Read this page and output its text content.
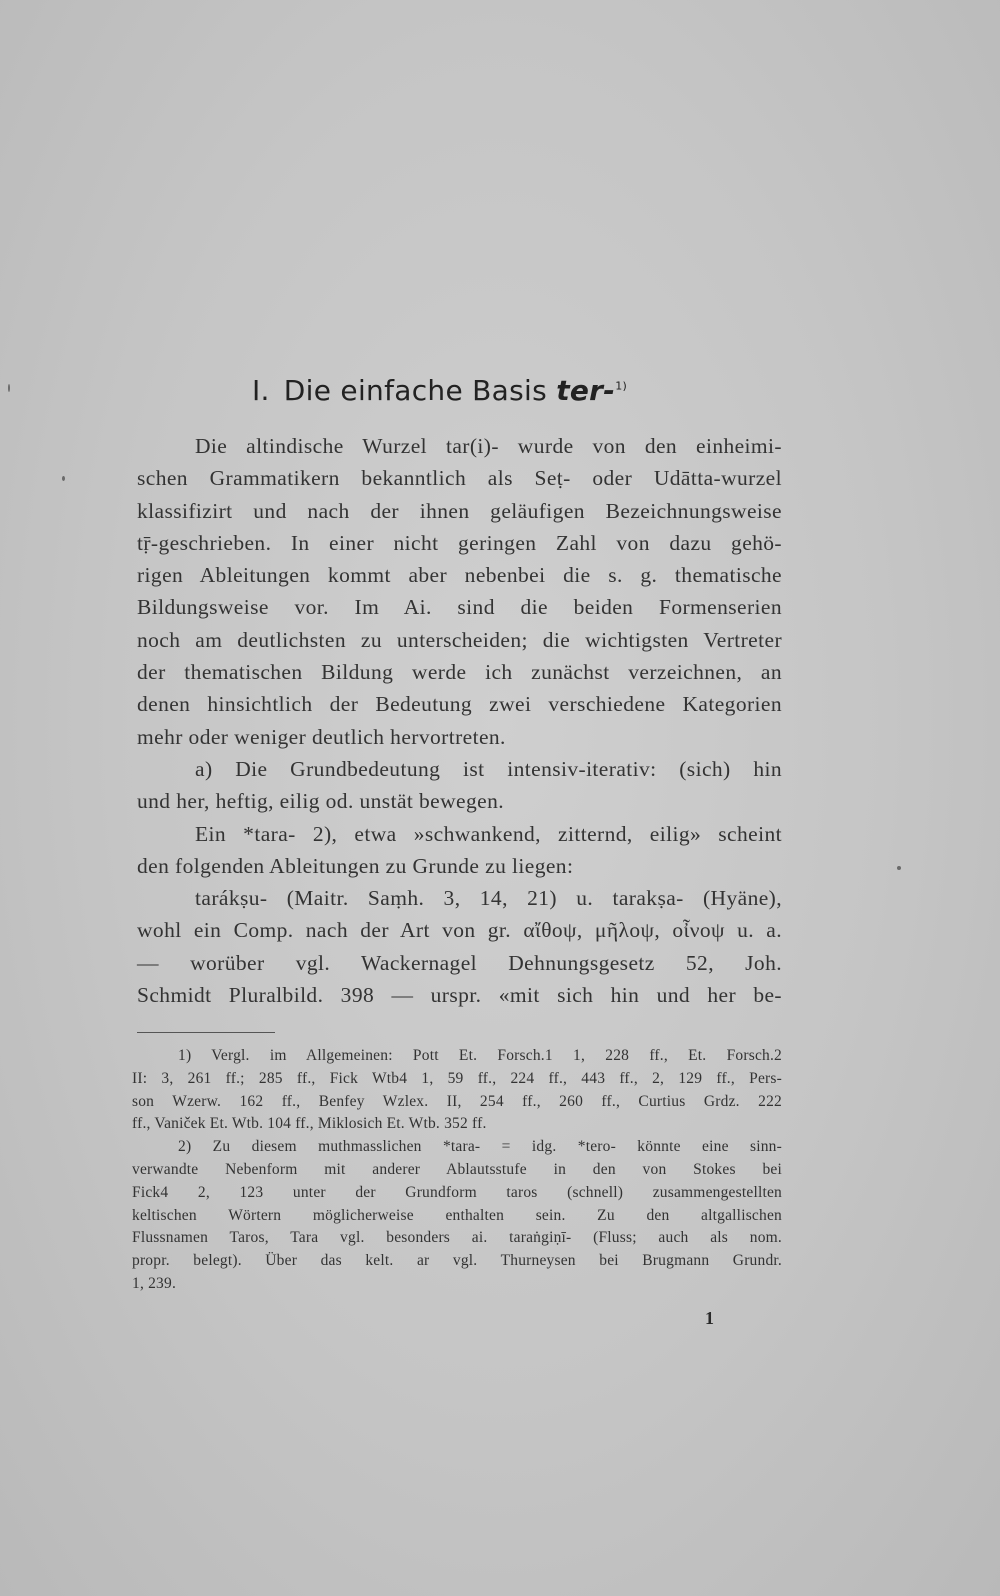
I. Die einfache Basis ter-$^{1)}$
Die altindische Wurzel tar(i)- wurde von den einheimi-
schen Grammatikern bekanntlich als Seṭ- oder Udātta-wurzel
klassifizirt und nach der ihnen geläufigen Bezeichnungsweise
tṝ-geschrieben. In einer nicht geringen Zahl von dazu gehö-
rigen Ableitungen kommt aber nebenbei die s. g. thematische
Bildungsweise vor. Im Ai. sind die beiden Formenserien
noch am deutlichsten zu unterscheiden; die wichtigsten Vertreter
der thematischen Bildung werde ich zunächst verzeichnen, an
denen hinsichtlich der Bedeutung zwei verschiedene Kategorien
mehr oder weniger deutlich hervortreten.
a) Die Grundbedeutung ist intensiv-iterativ: (sich) hin
und her, heftig, eilig od. unstät bewegen.
Ein *tara- 2), etwa »schwankend, zitternd, eilig» scheint
den folgenden Ableitungen zu Grunde zu liegen:
tarákṣu- (Maitr. Saṃh. 3, 14, 21) u. tarakṣa- (Hyäne),
wohl ein Comp. nach der Art von gr. αἴθοψ, μῆλοψ, οἶνοψ u. a.
— worüber vgl. Wackernagel Dehnungsgesetz 52, Joh.
Schmidt Pluralbild. 398 — urspr. «mit sich hin und her be-
1) Vergl. im Allgemeinen: Pott Et. Forsch.1 1, 228 ff., Et. Forsch.2
II: 3, 261 ff.; 285 ff., Fick Wtb4 1, 59 ff., 224 ff., 443 ff., 2, 129 ff., Pers-
son Wzerw. 162 ff., Benfey Wzlex. II, 254 ff., 260 ff., Curtius Grdz. 222
ff., Vaniček Et. Wtb. 104 ff., Miklosich Et. Wtb. 352 ff.
2) Zu diesem muthmasslichen *tara- = idg. *tero- könnte eine sinn-
verwandte Nebenform mit anderer Ablautsstufe in den von Stokes bei
Fick4 2, 123 unter der Grundform taros (schnell) zusammengestellten
keltischen Wörtern möglicherweise enthalten sein. Zu den altgallischen
Flussnamen Taros, Tara vgl. besonders ai. taraṅgiṇī- (Fluss; auch als nom.
propr. belegt). Über das kelt. ar vgl. Thurneysen bei Brugmann Grundr.
1, 239.
1
